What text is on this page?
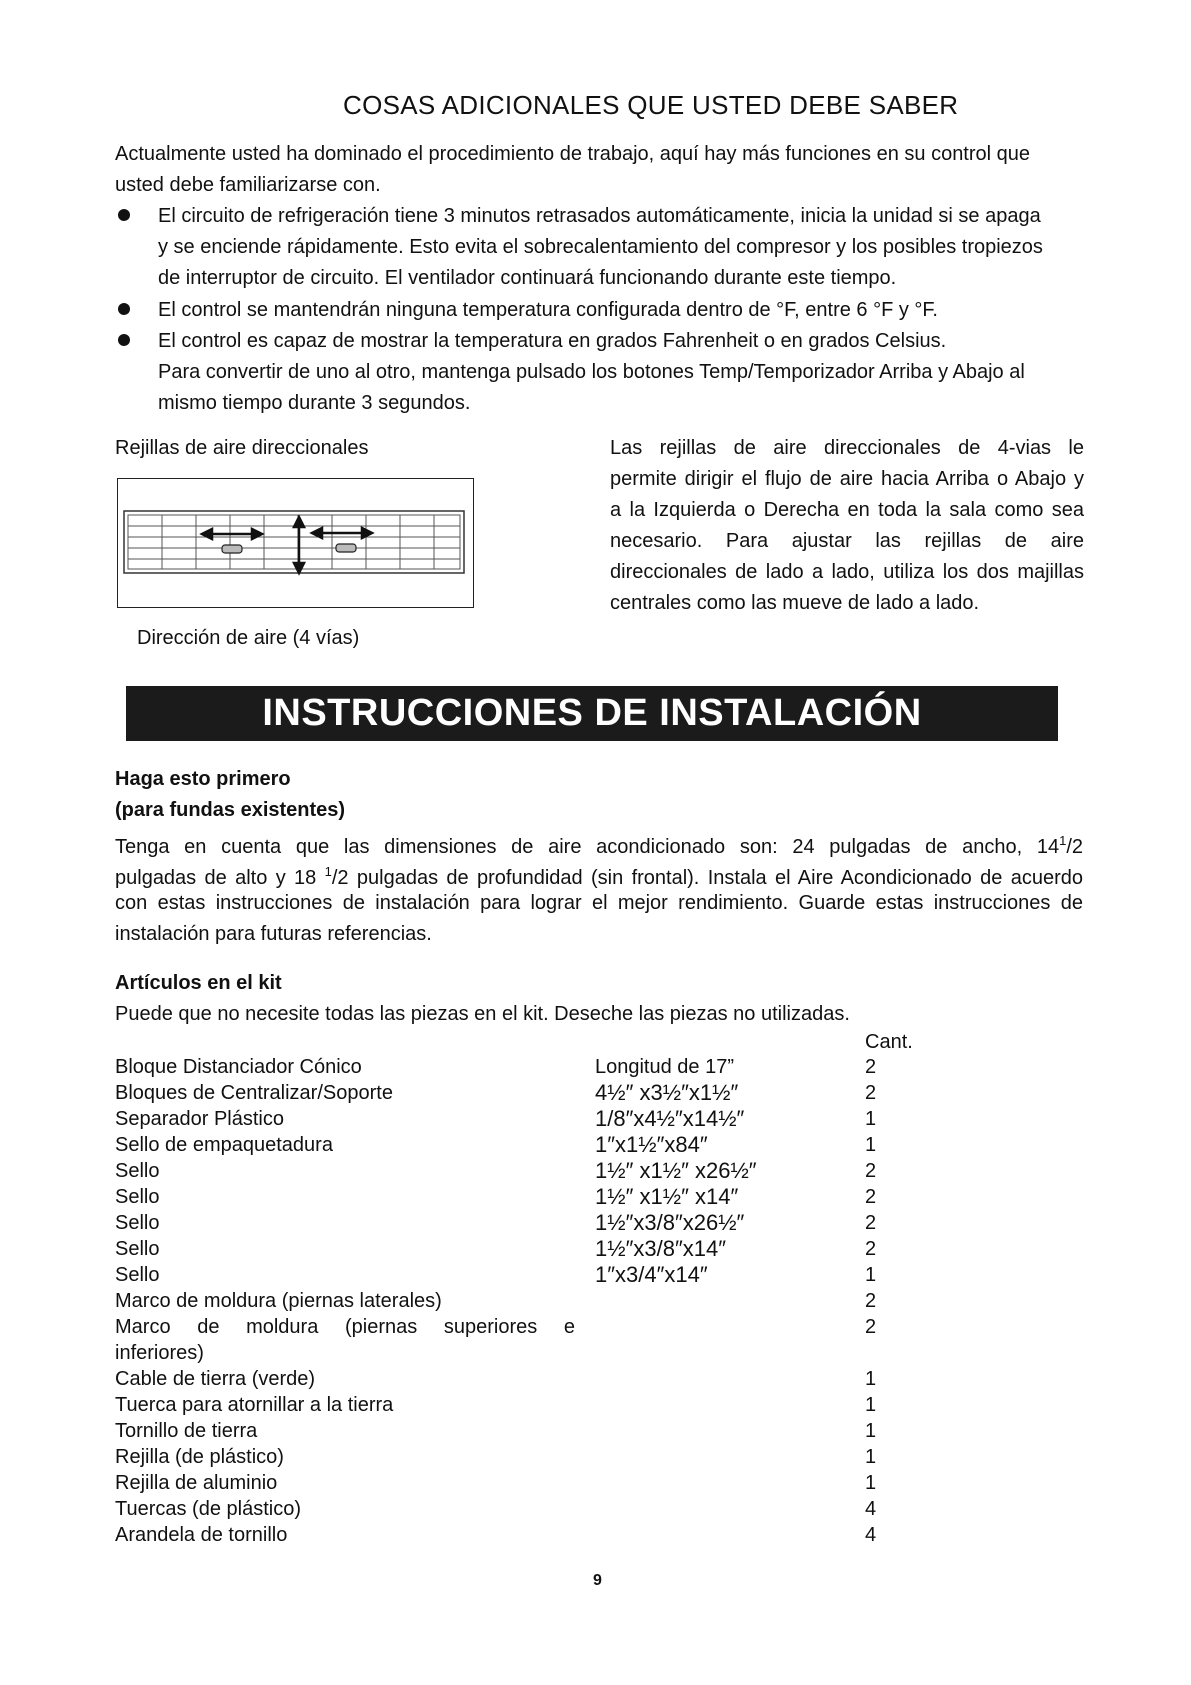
COSAS ADICIONALES QUE USTED DEBE SABER
Actualmente usted ha dominado el procedimiento de trabajo, aquí hay más funciones en su control que
usted debe familiarizarse con.
El circuito de refrigeración tiene 3 minutos retrasados automáticamente, inicia la unidad si se apaga
y se enciende rápidamente. Esto evita el sobrecalentamiento del compresor y los posibles tropiezos
de interruptor de circuito. El ventilador continuará funcionando durante este tiempo.
El control se mantendrán ninguna temperatura configurada dentro de °F, entre 6 °F y °F.
El control es capaz de mostrar la temperatura en grados Fahrenheit o en grados Celsius.
Para convertir de uno al otro, mantenga pulsado los botones Temp/Temporizador Arriba y Abajo al
mismo tiempo durante 3 segundos.
Rejillas de aire direccionales
Dirección de aire (4 vías)
Las rejillas de aire direccionales de 4-vias le
permite dirigir el flujo de aire hacia Arriba o Abajo y
a la Izquierda o Derecha en toda la sala como sea
necesario. Para ajustar las rejillas de aire
direccionales de lado a lado, utiliza los dos majillas
centrales como las mueve de lado a lado.
INSTRUCCIONES DE INSTALACIÓN
Haga esto primero
(para fundas existentes)
Tenga en cuenta que las dimensiones de aire acondicionado son: 24 pulgadas de ancho, $14^1/2$
pulgadas de alto y 18 $^1$/2 pulgadas de profundidad (sin frontal). Instala el Aire Acondicionado de acuerdo
con estas instrucciones de instalación para lograr el mejor rendimiento. Guarde estas instrucciones de
instalación para futuras referencias.
Artículos en el kit
Puede que no necesite todas las piezas en el kit. Deseche las piezas no utilizadas.
Cant.
Bloque Distanciador Cónico	Longitud de 17”	2
Bloques de Centralizar/Soporte	4½″ x3½″x1½″	2
Separador Plástico	1/8″x4½″x14½″	1
Sello de empaquetadura	1″x1½″x84″	1
Sello	1½″ x1½″ x26½″	2
Sello	1½″ x1½″ x14″	2
Sello	1½″x3/8″x26½″	2
Sello	1½″x3/8″x14″	2
Sello	1″x3/4″x14″	1
Marco de moldura (piernas laterales)	2
Marco de moldura (piernas superiores e	2
inferiores)
Cable de tierra (verde)	1
Tuerca para atornillar a la tierra	1
Tornillo de tierra	1
Rejilla (de plástico)	1
Rejilla de aluminio	1
Tuercas (de plástico)	4
Arandela de tornillo	4
9
